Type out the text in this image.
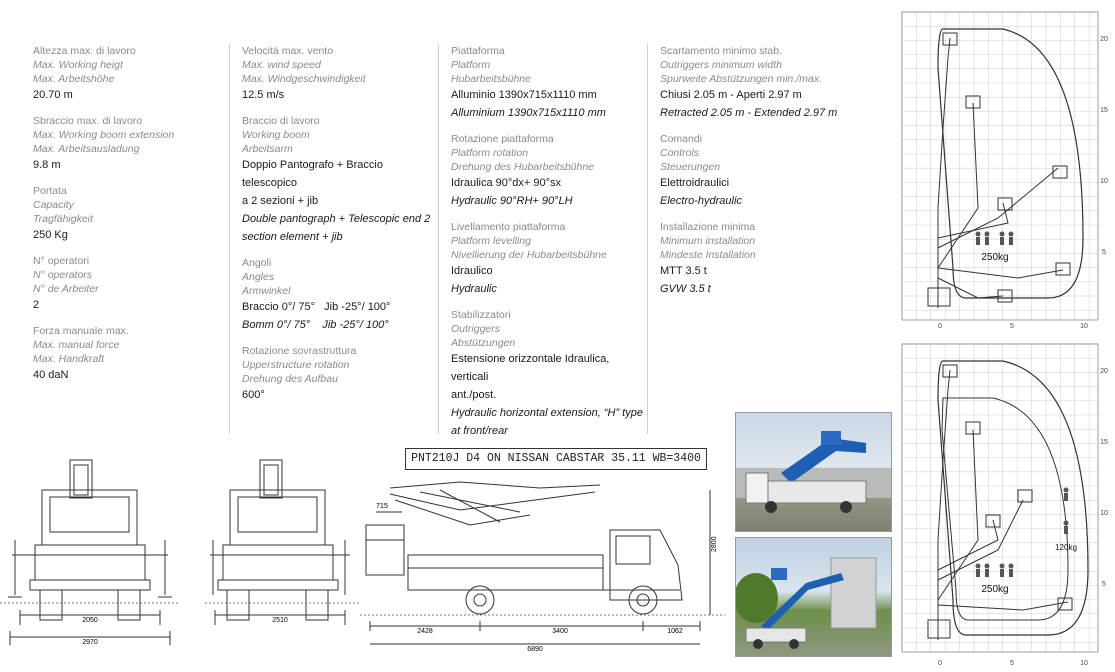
Altezza max. di lavoro
Max. Working heigt
Max. Arbeitshöhe
20.70 m
Sbraccio max. di lavoro
Max. Working boom extension
Max. Arbeitsausladung
9.8 m
Portata
Capacity
Tragfähigkeit
250 Kg
N° operatori
N° operators
N° de Arbeiter
2
Forza manuale max.
Max. manual force
Max. Handkraft
40 daN
Velocità max. vento
Max. wind speed
Max. Windgeschwindigkeit
12.5 m/s
Braccio di lavoro
Working boom
Arbeitsarm
Doppio Pantografo + Braccio telescopico
a 2 sezioni + jib
Double pantograph + Telescopic end 2
section element + jib
Angoli
Angles
Armwinkel
Braccio 0°/ 75°   Jib -25°/ 100°
Bomm 0°/ 75°    Jib -25°/ 100°
Rotazione sovrastruttura
Upperstructure rotation
Drehung des Aufbau
600°
Piattaforma
Platform
Hubarbeitsbühne
Alluminio 1390x715x1110 mm
Alluminium 1390x715x1110 mm
Rotazione piattaforma
Platform rotation
Drehung des Hubarbeitsbühne
Idraulica 90°dx+ 90°sx
Hydraulic 90°RH+ 90°LH
Livellamento piattaforma
Platform levelling
Nivellierung der Hubarbeitsbühne
Idraulico
Hydraulic
Stabilizzatori
Outriggers
Abstützungen
Estensione orizzontale Idraulica, verticali
ant./post.
Hydraulic horizontal extension, “H” type
at front/rear
Scartamento minimo stab.
Outriggers minimum width
Spurweite Abstützungen min./max.
Chiusi 2.05 m - Aperti 2.97 m
Retracted 2.05 m - Extended 2.97 m
Comandi
Controls
Steuerungen
Elettroidraulici
Electro-hydraulic
Installazione minima
Minimum installation
Mindeste Installation
MTT 3.5 t
GVW 3.5 t
PNT210J D4 ON NISSAN CABSTAR 35.11 WB=3400
2050
2970
2510
715
2800
2428	3400	1062
6890
250kg
0	5	10
20
15
10
5
250kg
120kg
0	5	10
20
15
10
5
